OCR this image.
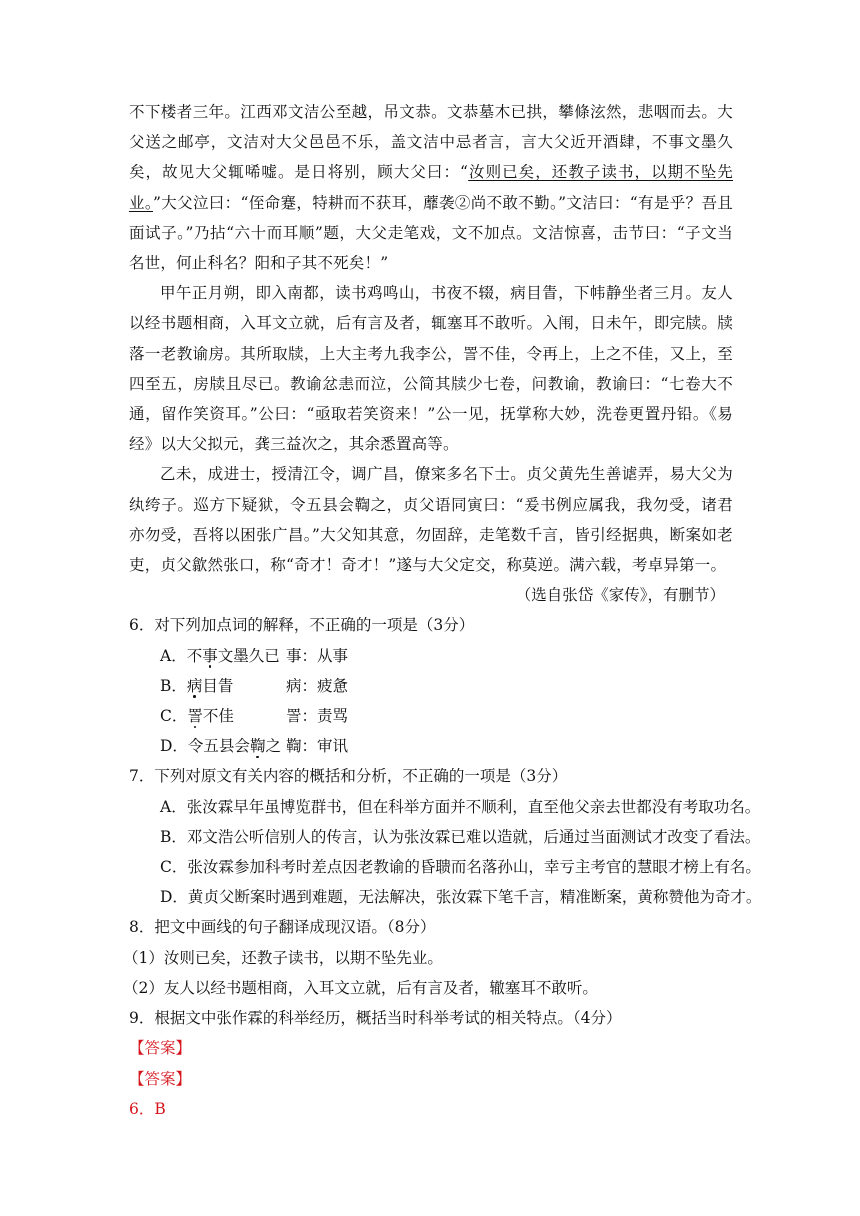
不下楼者三年。江西邓文洁公至越，吊文恭。文恭墓木已拱，攀條泫然，悲咽而去。大父送之邮亭，文洁对大父邑邑不乐，盖文洁中忌者言，言大父近开酒肆，不事文墨久矣，故见大父辄唏嘘。是日将别，顾大父曰：“汝则已矣，还教子读书，以期不坠先业。”大父泣曰：“侄命蹇，特耕而不获耳，蘼袭②尚不敢不勤。”文洁曰：“有是乎？吾且面试子。”乃拈“六十而耳顺”题，大父走笔戏，文不加点。文洁惊喜，击节曰：“子文当名世，何止科名？阳和子其不死矣！”

甲午正月朔，即入南都，读书鸡鸣山，书夜不辍，病目眚，下帏静坐者三月。友人以经书题相商，入耳文立就，后有言及者，辄塞耳不敢听。入闱，日未午，即完牍。牍落一老教谕房。其所取牍，上大主考九我李公，詈不佳，令再上，上之不佳，又上，至四至五，房牍且尽已。教谕忿恚而泣，公简其牍少七卷，问教谕，教谕曰：“七卷大不通，留作笑资耳。”公曰：“亟取若笑资来！”公一见，抚掌称大妙，洗卷更置丹铅。《易经》以大父拟元，龚三益次之，其余悉置高等。

乙未，成进士，授清江令，调广昌，僚寀多名下士。贞父黄先生善谑弄，易大父为纨绔子。巡方下疑狱，令五县会鞫之，贞父语同寅曰：“爰书例应属我，我勿受，诸君亦勿受，吾将以困张广昌。”大父知其意，勿固辞，走笔数千言，皆引经据典，断案如老吏，贞父歙然张口，称“奇才！奇才！”遂与大父定交，称莫逆。满六载，考卓异第一。

（选自张岱《家传》，有删节）

6．对下列加点词的解释，不正确的一项是（3分）

A．不事文墨久已 事：从事

B．病目眚	病：疲惫

C．詈不佳	詈：责骂

D．令五县会鞫之 鞫：审讯

7．下列对原文有关内容的概括和分析，不正确的一项是（3分）

A．张汝霖早年虽博览群书，但在科举方面并不顺利，直至他父亲去世都没有考取功名。

B．邓文浩公听信别人的传言，认为张汝霖已难以造就，后通过当面测试才改变了看法。

C．张汝霖参加科考时差点因老教谕的昏聩而名落孙山，幸亏主考官的慧眼才榜上有名。

D．黄贞父断案时遇到难题，无法解决，张汝霖下笔千言，精准断案，黄称赞他为奇才。

8．把文中画线的句子翻译成现汉语。（8分）

（1）汝则已矣，还教子读书，以期不坠先业。

（2）友人以经书题相商，入耳文立就，后有言及者，辙塞耳不敢听。

9．根据文中张作霖的科举经历，概括当时科举考试的相关特点。（4分）

【答案】

【答案】

6．B
